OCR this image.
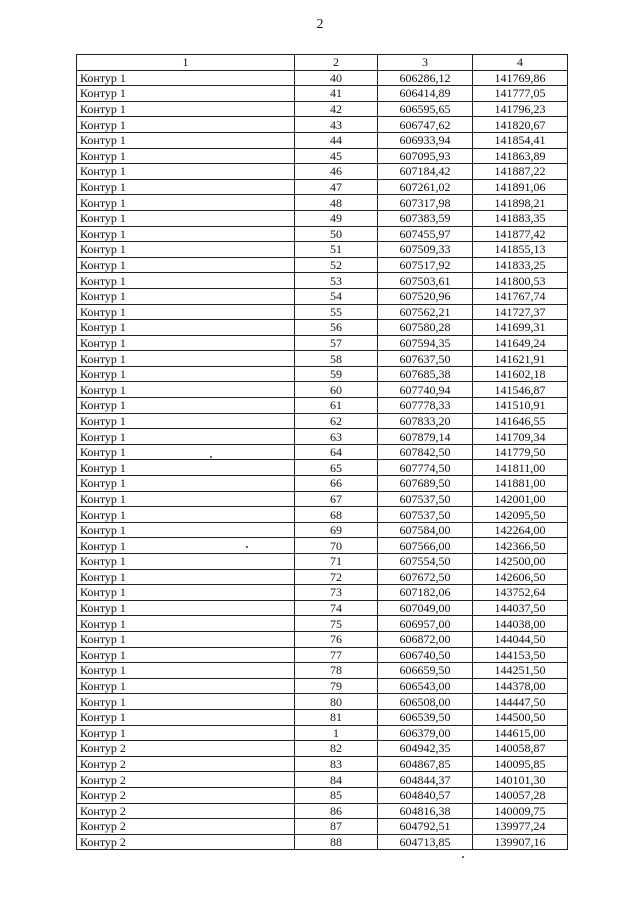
2
1	2	3	4
Контур 1	40	606286,12	141769,86
Контур 1	41	606414,89	141777,05
Контур 1	42	606595,65	141796,23
Контур 1	43	606747,62	141820,67
Контур 1	44	606933,94	141854,41
Контур 1	45	607095,93	141863,89
Контур 1	46	607184,42	141887,22
Контур 1	47	607261,02	141891,06
Контур 1	48	607317,98	141898,21
Контур 1	49	607383,59	141883,35
Контур 1	50	607455,97	141877,42
Контур 1	51	607509,33	141855,13
Контур 1	52	607517,92	141833,25
Контур 1	53	607503,61	141800,53
Контур 1	54	607520,96	141767,74
Контур 1	55	607562,21	141727,37
Контур 1	56	607580,28	141699,31
Контур 1	57	607594,35	141649,24
Контур 1	58	607637,50	141621,91
Контур 1	59	607685,38	141602,18
Контур 1	60	607740,94	141546,87
Контур 1	61	607778,33	141510,91
Контур 1	62	607833,20	141646,55
Контур 1	63	607879,14	141709,34
Контур 1	64	607842,50	141779,50
Контур 1	65	607774,50	141811,00
Контур 1	66	607689,50	141881,00
Контур 1	67	607537,50	142001,00
Контур 1	68	607537,50	142095,50
Контур 1	69	607584,00	142264,00
Контур 1	70	607566,00	142366,50
Контур 1	71	607554,50	142500,00
Контур 1	72	607672,50	142606,50
Контур 1	73	607182,06	143752,64
Контур 1	74	607049,00	144037,50
Контур 1	75	606957,00	144038,00
Контур 1	76	606872,00	144044,50
Контур 1	77	606740,50	144153,50
Контур 1	78	606659,50	144251,50
Контур 1	79	606543,00	144378,00
Контур 1	80	606508,00	144447,50
Контур 1	81	606539,50	144500,50
Контур 1	1	606379,00	144615,00
Контур 2	82	604942,35	140058,87
Контур 2	83	604867,85	140095,85
Контур 2	84	604844,37	140101,30
Контур 2	85	604840,57	140057,28
Контур 2	86	604816,38	140009,75
Контур 2	87	604792,51	139977,24
Контур 2	88	604713,85	139907,16
